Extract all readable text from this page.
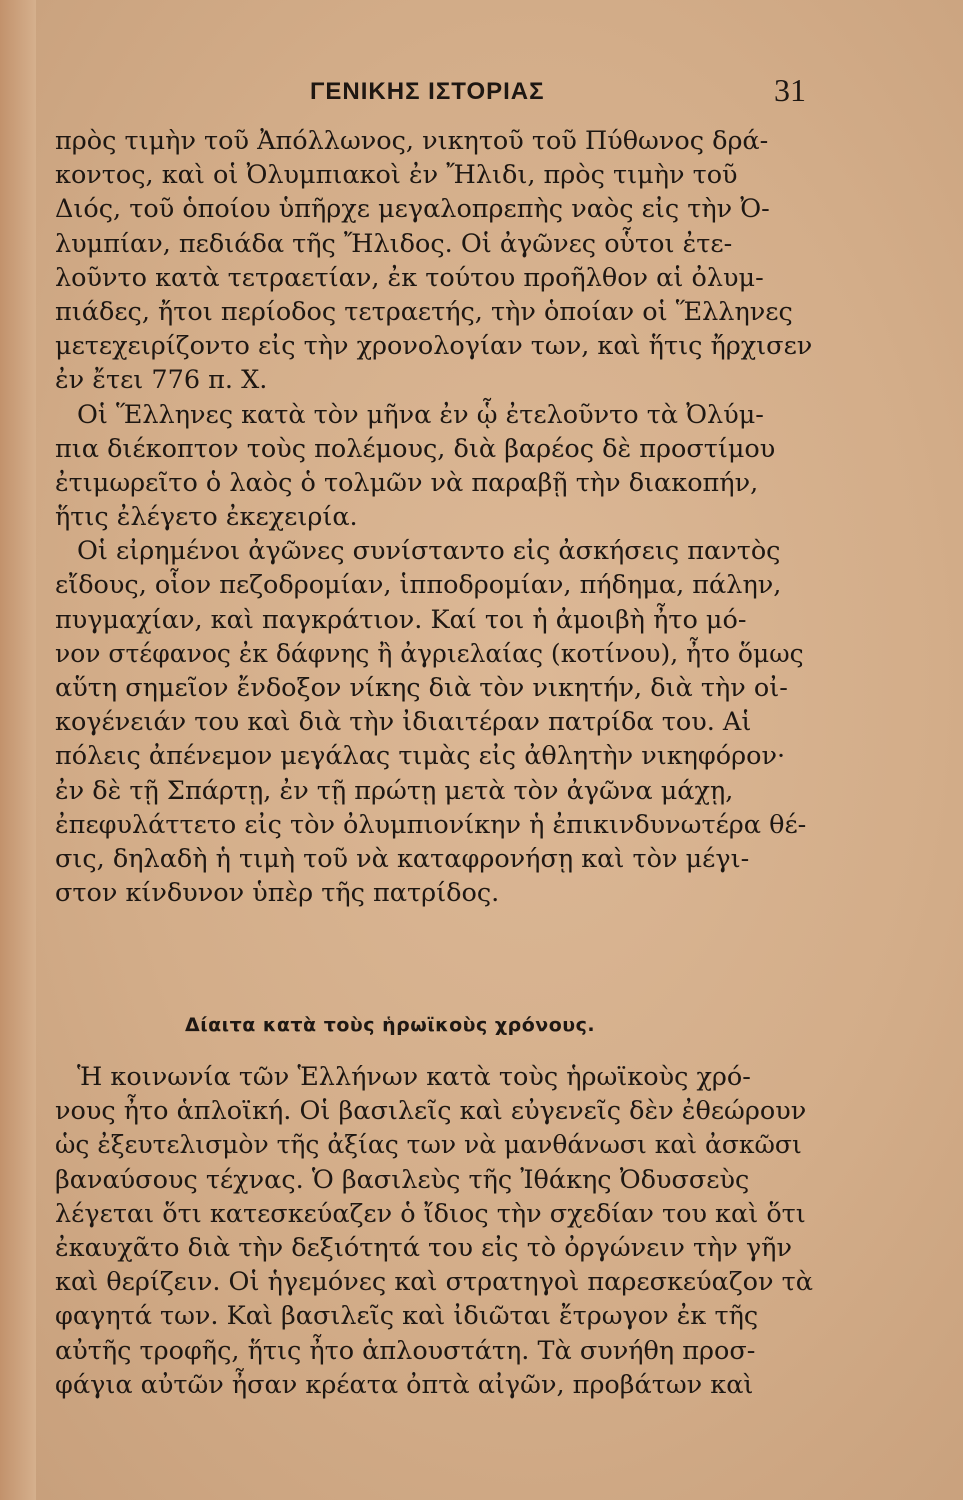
ΓΕΝΙΚΗΣ ΙΣΤΟΡΙΑΣ	31
πρὸς τιμὴν τοῦ Ἀπόλλωνος, νικητοῦ τοῦ Πύθωνος δρά-
κοντος, καὶ οἱ Ὀλυμπιακοὶ ἐν Ἤλιδι, πρὸς τιμὴν τοῦ
Διός, τοῦ ὁποίου ὑπῆρχε μεγαλοπρεπὴς ναὸς εἰς τὴν Ὀ-
λυμπίαν, πεδιάδα τῆς Ἤλιδος. Οἱ ἀγῶνες οὗτοι ἐτε-
λοῦντο κατὰ τετραετίαν, ἐκ τούτου προῆλθον αἱ ὀλυμ-
πιάδες, ἤτοι περίοδος τετραετής, τὴν ὁποίαν οἱ Ἕλληνες
μετεχειρίζοντο εἰς τὴν χρονολογίαν των, καὶ ἥτις ἤρχισεν
ἐν ἔτει 776 π. Χ.
Οἱ Ἕλληνες κατὰ τὸν μῆνα ἐν ᾧ ἐτελοῦντο τὰ Ὀλύμ-
πια διέκοπτον τοὺς πολέμους, διὰ βαρέος δὲ προστίμου
ἐτιμωρεῖτο ὁ λαὸς ὁ τολμῶν νὰ παραβῇ τὴν διακοπήν,
ἥτις ἐλέγετο ἐκεχειρία.
Οἱ εἰρημένοι ἀγῶνες συνίσταντο εἰς ἀσκήσεις παντὸς
εἴδους, οἷον πεζοδρομίαν, ἱπποδρομίαν, πήδημα, πάλην,
πυγμαχίαν, καὶ παγκράτιον. Καί τοι ἡ ἀμοιβὴ ἦτο μό-
νον στέφανος ἐκ δάφνης ἢ ἀγριελαίας (κοτίνου), ἦτο ὅμως
αὕτη σημεῖον ἔνδοξον νίκης διὰ τὸν νικητήν, διὰ τὴν οἰ-
κογένειάν του καὶ διὰ τὴν ἰδιαιτέραν πατρίδα του. Αἱ
πόλεις ἀπένεμον μεγάλας τιμὰς εἰς ἀθλητὴν νικηφόρον·
ἐν δὲ τῇ Σπάρτῃ, ἐν τῇ πρώτῃ μετὰ τὸν ἀγῶνα μάχῃ,
ἐπεφυλάττετο εἰς τὸν ὀλυμπιονίκην ἡ ἐπικινδυνωτέρα θέ-
σις, δηλαδὴ ἡ τιμὴ τοῦ νὰ καταφρονήσῃ καὶ τὸν μέγι-
στον κίνδυνον ὑπὲρ τῆς πατρίδος.
Δίαιτα κατὰ τοὺς ἡρωϊκοὺς χρόνους.
Ἡ κοινωνία τῶν Ἑλλήνων κατὰ τοὺς ἡρωϊκοὺς χρό-
νους ἦτο ἁπλοϊκή. Οἱ βασιλεῖς καὶ εὐγενεῖς δὲν ἐθεώρουν
ὡς ἐξευτελισμὸν τῆς ἀξίας των νὰ μανθάνωσι καὶ ἀσκῶσι
βαναύσους τέχνας. Ὁ βασιλεὺς τῆς Ἰθάκης Ὀδυσσεὺς
λέγεται ὅτι κατεσκεύαζεν ὁ ἴδιος τὴν σχεδίαν του καὶ ὅτι
ἐκαυχᾶτο διὰ τὴν δεξιότητά του εἰς τὸ ὀργώνειν τὴν γῆν
καὶ θερίζειν. Οἱ ἡγεμόνες καὶ στρατηγοὶ παρεσκεύαζον τὰ
φαγητά των. Καὶ βασιλεῖς καὶ ἰδιῶται ἔτρωγον ἐκ τῆς
αὐτῆς τροφῆς, ἥτις ἦτο ἁπλουστάτη. Τὰ συνήθη προσ-
φάγια αὐτῶν ἦσαν κρέατα ὀπτὰ αἰγῶν, προβάτων καὶ
